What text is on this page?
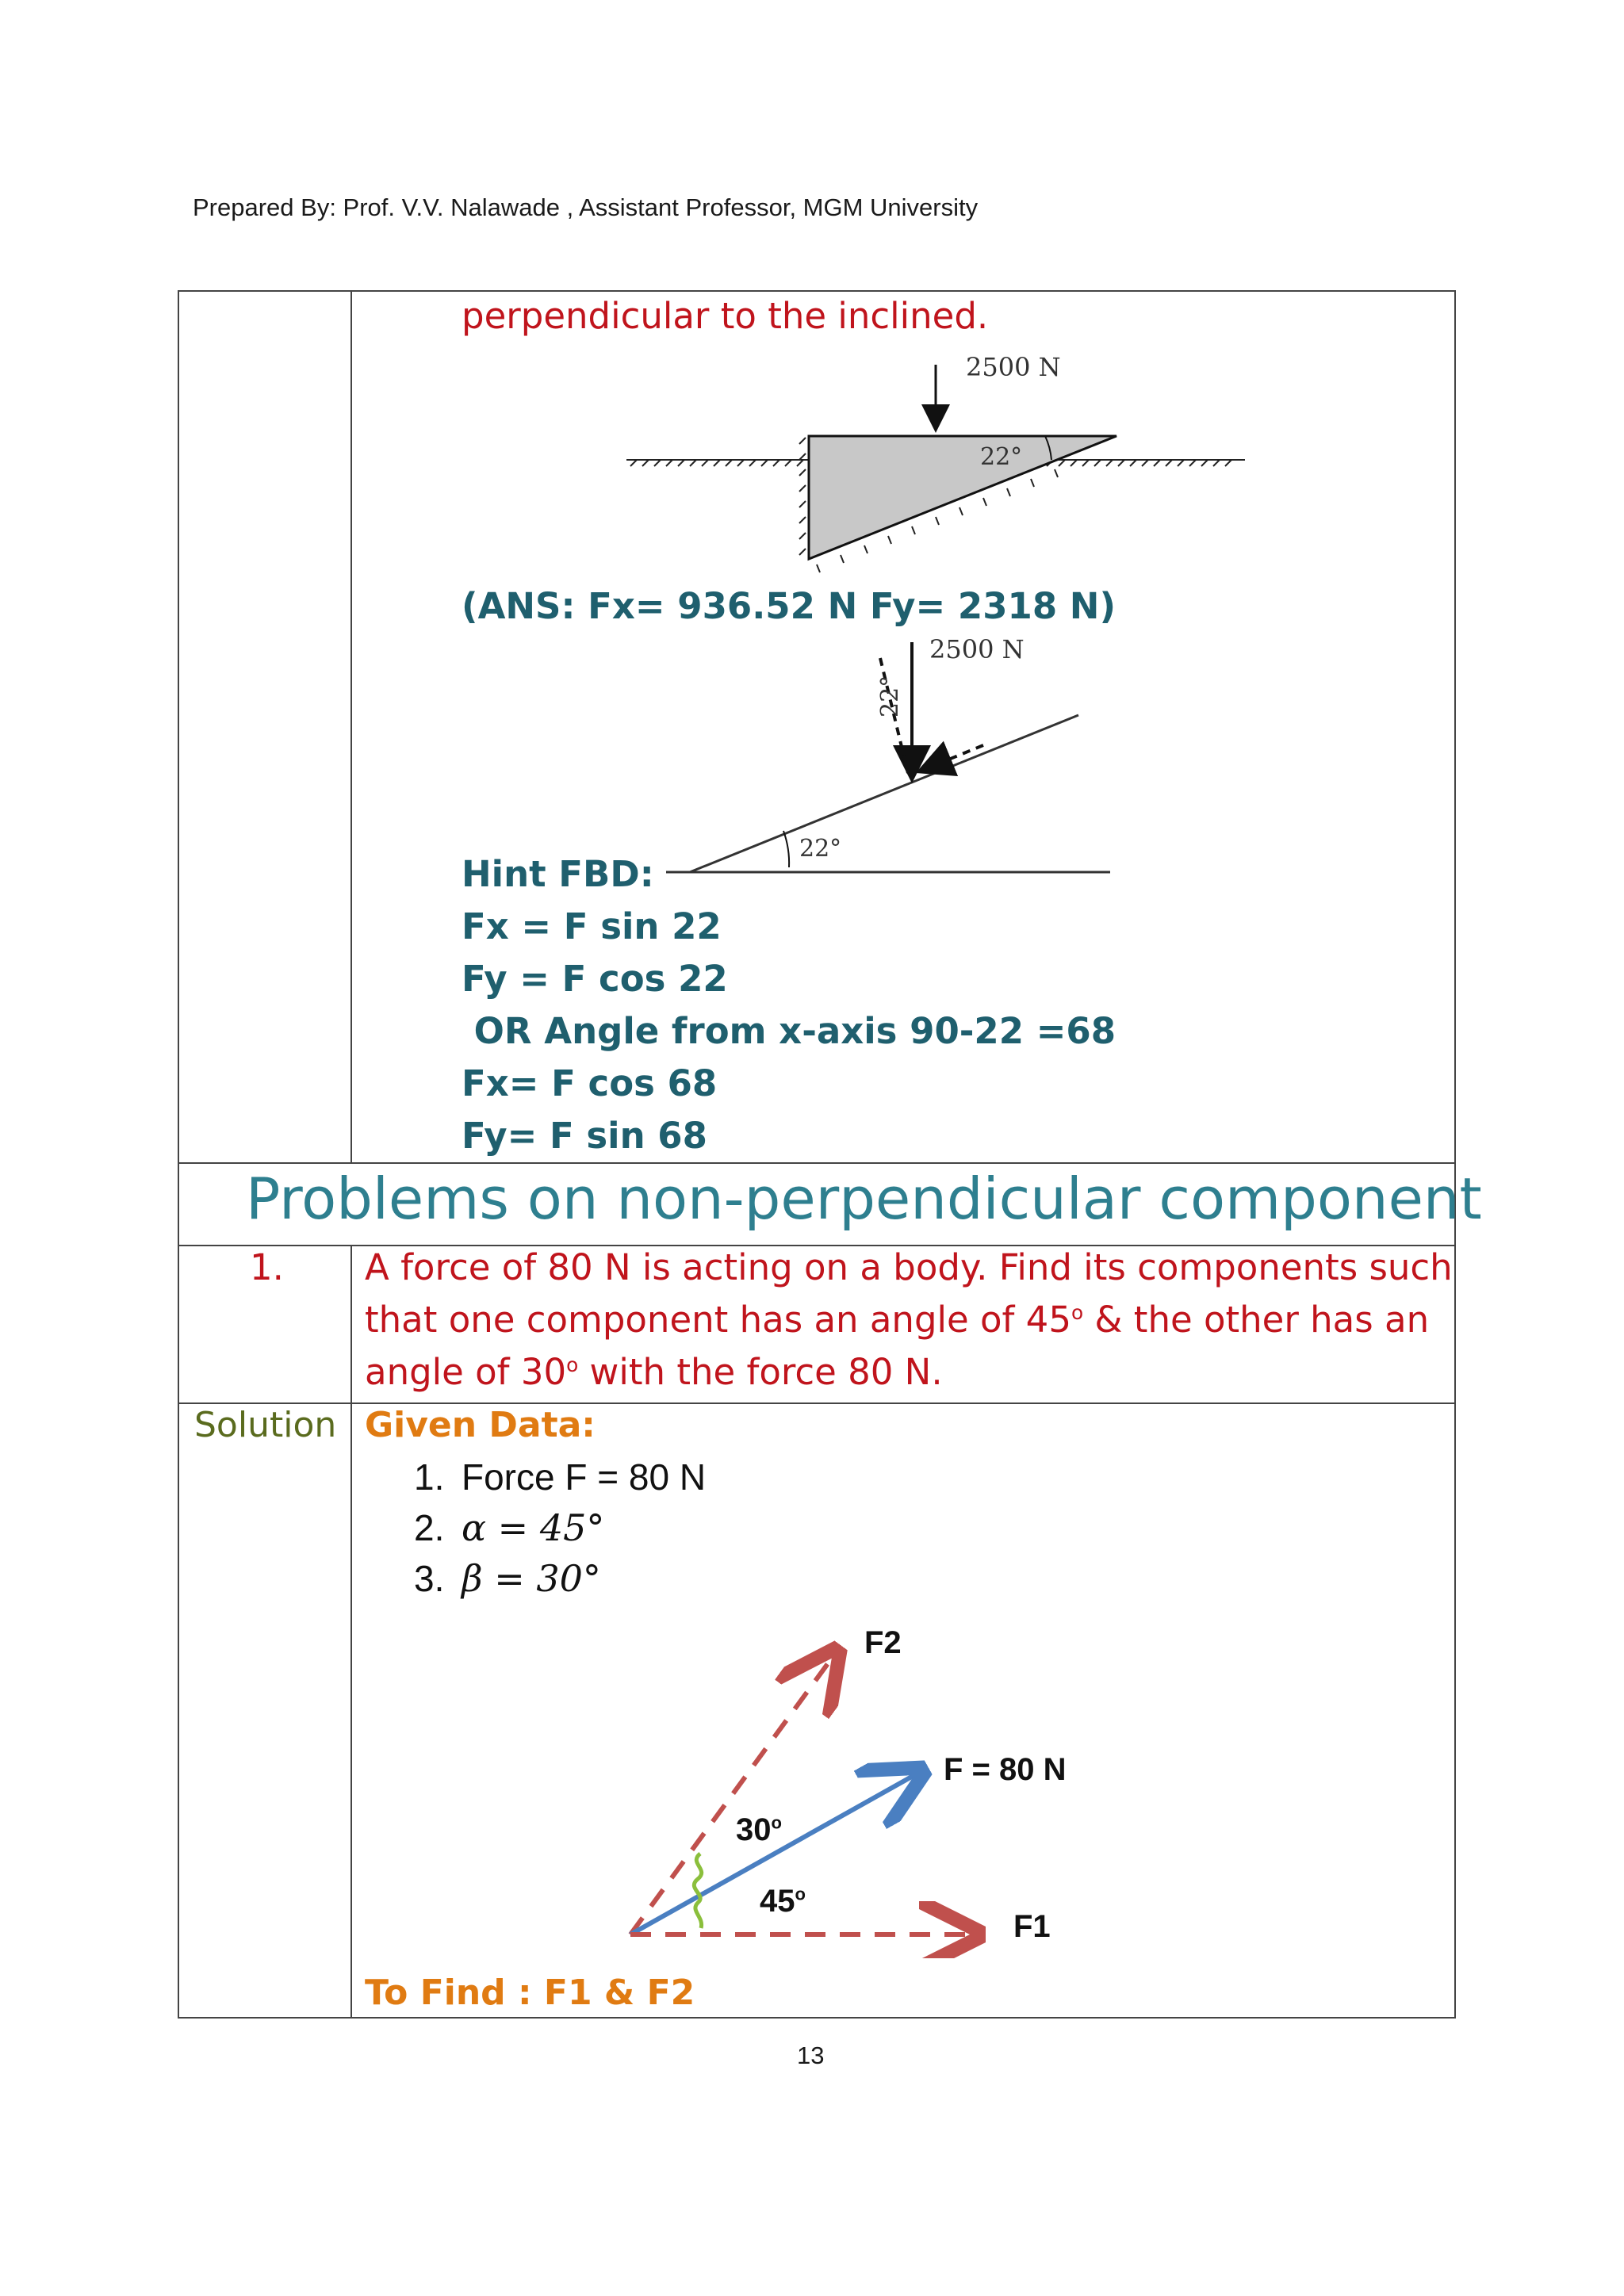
Prepared By: Prof. V.V. Nalawade , Assistant Professor, MGM University
perpendicular to the inclined.
2500 N
22°
(ANS: Fx= 936.52 N Fy= 2318 N)
22°
2500 N
22°
Hint FBD:
Fx = F sin 22
Fy = F cos 22
OR Angle from x-axis 90-22 =68
Fx= F cos 68
Fy= F sin 68
Problems on non-perpendicular component
1. A force of 80 N is acting on a body. Find its components such
that one component has an angle of 45$^o$ & the other has an
angle of 30$^o$ with the force 80 N.
Solution Given Data:
1. Force F = 80 N
2. α = 45°
3. β = 30°
F2
F = 80 N
F1
30$^o$
45$^o$
To Find : F1 & F2
13
